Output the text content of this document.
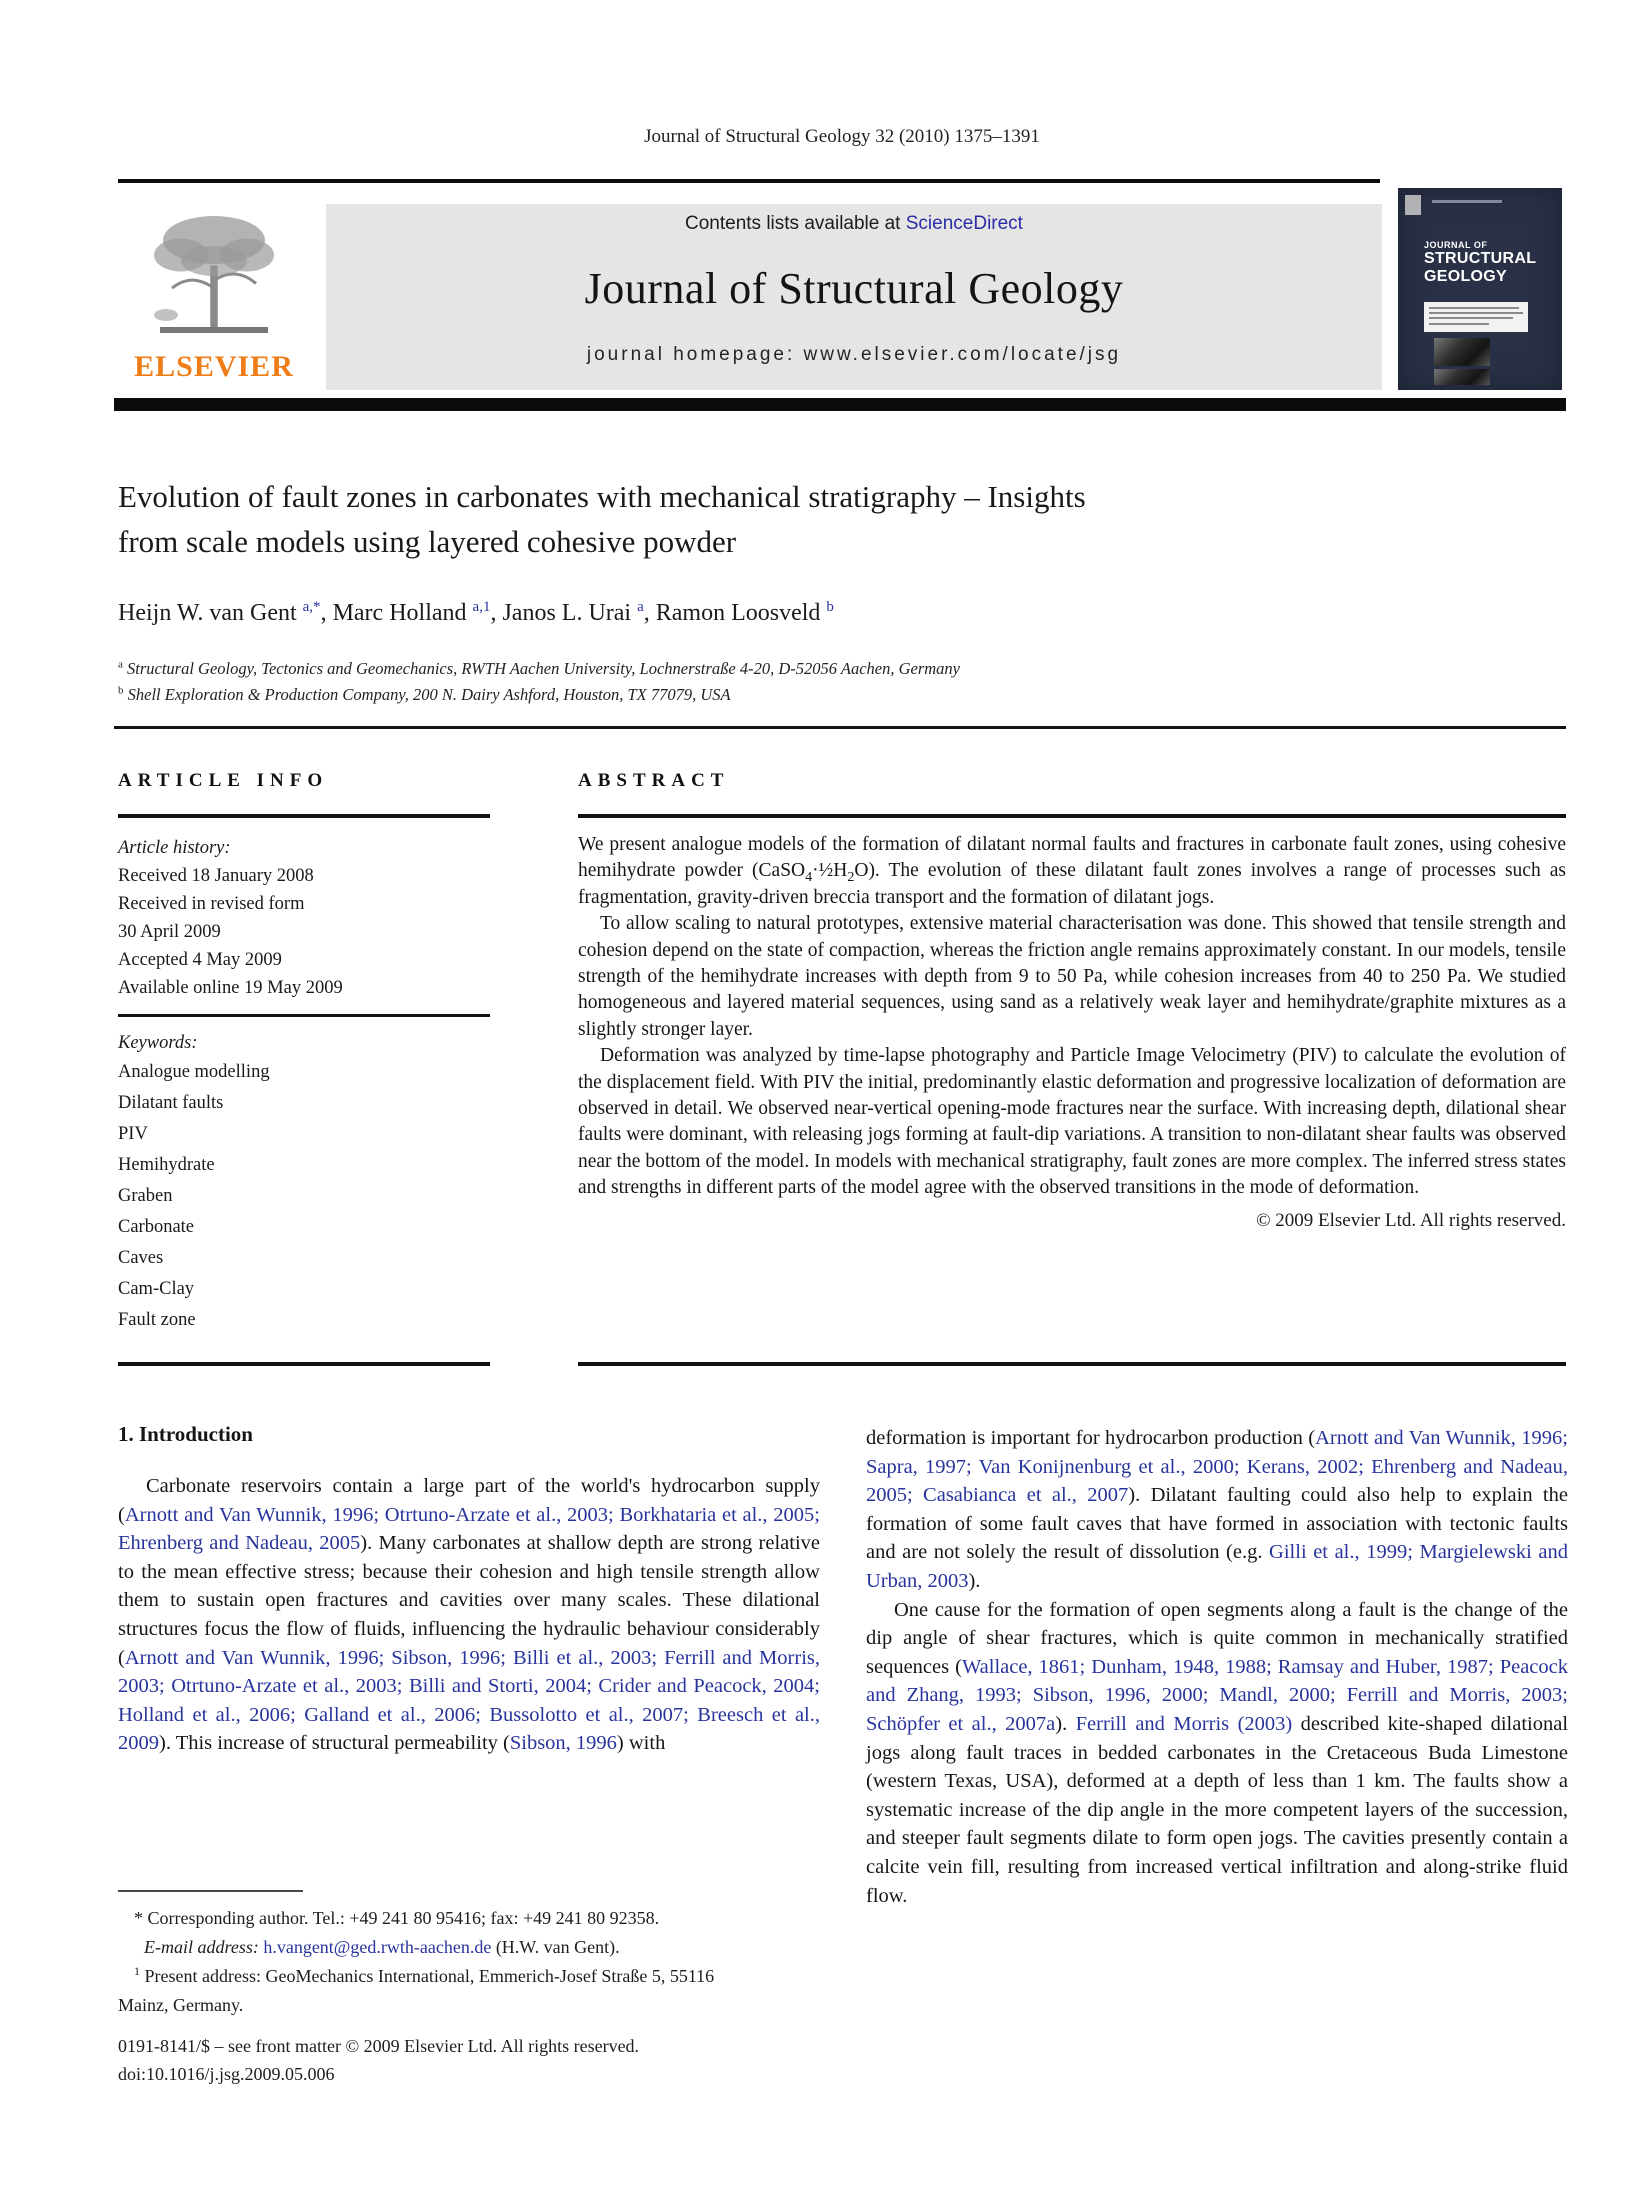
Journal of Structural Geology 32 (2010) 1375–1391
ELSEVIER
Contents lists available at ScienceDirect
Journal of Structural Geology
journal homepage: www.elsevier.com/locate/jsg
JOURNAL OF
STRUCTURAL
GEOLOGY
Evolution of fault zones in carbonates with mechanical stratigraphy – Insights
from scale models using layered cohesive powder
Heijn W. van Gent $^{a,*}$, Marc Holland $^{a,1}$, Janos L. Urai $^a$, Ramon Loosveld $^b$
$^a$ Structural Geology, Tectonics and Geomechanics, RWTH Aachen University, Lochnerstraße 4-20, D-52056 Aachen, Germany
$^b$ Shell Exploration & Production Company, 200 N. Dairy Ashford, Houston, TX 77079, USA
ARTICLE INFO
Article history:
Received 18 January 2008
Received in revised form
30 April 2009
Accepted 4 May 2009
Available online 19 May 2009
Keywords:
Analogue modelling
Dilatant faults
PIV
Hemihydrate
Graben
Carbonate
Caves
Cam-Clay
Fault zone
ABSTRACT

We present analogue models of the formation of dilatant normal faults and fractures in carbonate fault zones, using cohesive hemihydrate powder $(CaSO_4\cdot\frac{1}{2}H_2O)$. The evolution of these dilatant fault zones involves a range of processes such as fragmentation, gravity-driven breccia transport and the formation of dilatant jogs.

To allow scaling to natural prototypes, extensive material characterisation was done. This showed that tensile strength and cohesion depend on the state of compaction, whereas the friction angle remains approximately constant. In our models, tensile strength of the hemihydrate increases with depth from 9 to 50 Pa, while cohesion increases from 40 to 250 Pa. We studied homogeneous and layered material sequences, using sand as a relatively weak layer and hemihydrate/graphite mixtures as a slightly stronger layer.

Deformation was analyzed by time-lapse photography and Particle Image Velocimetry (PIV) to calculate the evolution of the displacement field. With PIV the initial, predominantly elastic deformation and progressive localization of deformation are observed in detail. We observed near-vertical opening-mode fractures near the surface. With increasing depth, dilational shear faults were dominant, with releasing jogs forming at fault-dip variations. A transition to non-dilatant shear faults was observed near the bottom of the model. In models with mechanical stratigraphy, fault zones are more complex. The inferred stress states and strengths in different parts of the model agree with the observed transitions in the mode of deformation.

© 2009 Elsevier Ltd. All rights reserved.
1. Introduction

Carbonate reservoirs contain a large part of the world's hydrocarbon supply (Arnott and Van Wunnik, 1996; Otrtuno-Arzate et al., 2003; Borkhataria et al., 2005; Ehrenberg and Nadeau, 2005). Many carbonates at shallow depth are strong relative to the mean effective stress; because their cohesion and high tensile strength allow them to sustain open fractures and cavities over many scales. These dilational structures focus the flow of fluids, influencing the hydraulic behaviour considerably (Arnott and Van Wunnik, 1996; Sibson, 1996; Billi et al., 2003; Ferrill and Morris, 2003; Otrtuno-Arzate et al., 2003; Billi and Storti, 2004; Crider and Peacock, 2004; Holland et al., 2006; Galland et al., 2006; Bussolotto et al., 2007; Breesch et al., 2009). This increase of structural permeability (Sibson, 1996) with

deformation is important for hydrocarbon production (Arnott and Van Wunnik, 1996; Sapra, 1997; Van Konijnenburg et al., 2000; Kerans, 2002; Ehrenberg and Nadeau, 2005; Casabianca et al., 2007). Dilatant faulting could also help to explain the formation of some fault caves that have formed in association with tectonic faults and are not solely the result of dissolution (e.g. Gilli et al., 1999; Margielewski and Urban, 2003).

One cause for the formation of open segments along a fault is the change of the dip angle of shear fractures, which is quite common in mechanically stratified sequences (Wallace, 1861; Dunham, 1948, 1988; Ramsay and Huber, 1987; Peacock and Zhang, 1993; Sibson, 1996, 2000; Mandl, 2000; Ferrill and Morris, 2003; Schöpfer et al., 2007a). Ferrill and Morris (2003) described kite-shaped dilational jogs along fault traces in bedded carbonates in the Cretaceous Buda Limestone (western Texas, USA), deformed at a depth of less than 1 km. The faults show a systematic increase of the dip angle in the more competent layers of the succession, and steeper fault segments dilate to form open jogs. The cavities presently contain a calcite vein fill, resulting from increased vertical infiltration and along-strike fluid flow.

* Corresponding author. Tel.: +49 241 80 95416; fax: +49 241 80 92358.
E-mail address: h.vangent@ged.rwth-aachen.de (H.W. van Gent).
$^1$ Present address: GeoMechanics International, Emmerich-Josef Straße 5, 55116
Mainz, Germany.
0191-8141/$ – see front matter © 2009 Elsevier Ltd. All rights reserved.
doi:10.1016/j.jsg.2009.05.006
